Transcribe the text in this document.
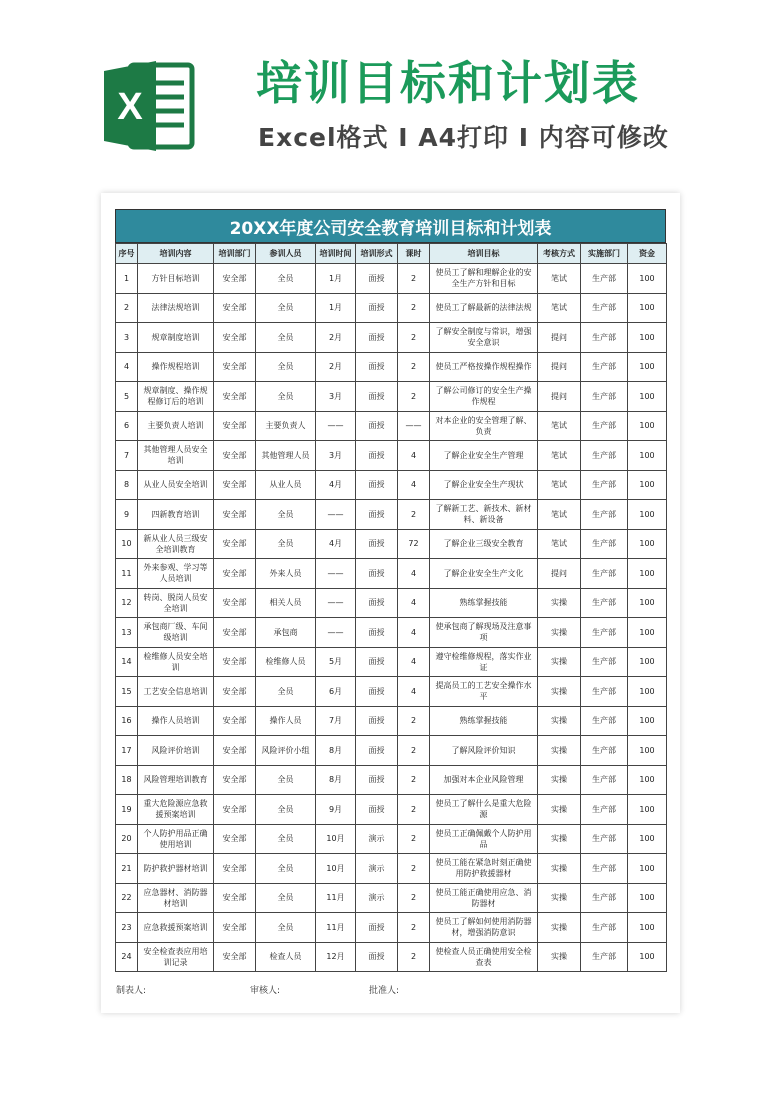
X 培训目标和计划表
Excel格式 I A4打印 I 内容可修改
20XX年度公司安全教育培训目标和计划表
序号	培训内容	培训部门	参训人员	培训时间	培训形式	课时	培训目标	考核方式	实施部门	资金
1	方针目标培训	安全部	全员	1月	面授	2	使员工了解和理解企业的安全生产方针和目标	笔试	生产部	100
2	法律法规培训	安全部	全员	1月	面授	2	使员工了解最新的法律法规	笔试	生产部	100
3	规章制度培训	安全部	全员	2月	面授	2	了解安全制度与常识，增强安全意识	提问	生产部	100
4	操作规程培训	安全部	全员	2月	面授	2	使员工严格按操作规程操作	提问	生产部	100
5	规章制度、操作规程修订后的培训	安全部	全员	3月	面授	2	了解公司修订的安全生产操作规程	提问	生产部	100
6	主要负责人培训	安全部	主要负责人	——	面授	——	对本企业的安全管理了解、负责	笔试	生产部	100
7	其他管理人员安全培训	安全部	其他管理人员	3月	面授	4	了解企业安全生产管理	笔试	生产部	100
8	从业人员安全培训	安全部	从业人员	4月	面授	4	了解企业安全生产现状	笔试	生产部	100
9	四新教育培训	安全部	全员	——	面授	2	了解新工艺、新技术、新材料、新设备	笔试	生产部	100
10	新从业人员三级安全培训教育	安全部	全员	4月	面授	72	了解企业三级安全教育	笔试	生产部	100
11	外来参观、学习等人员培训	安全部	外来人员	——	面授	4	了解企业安全生产文化	提问	生产部	100
12	转岗、脱岗人员安全培训	安全部	相关人员	——	面授	4	熟练掌握技能	实操	生产部	100
13	承包商厂级、车间级培训	安全部	承包商	——	面授	4	使承包商了解现场及注意事项	实操	生产部	100
14	检维修人员安全培训	安全部	检维修人员	5月	面授	4	遵守检维修规程，落实作业证	实操	生产部	100
15	工艺安全信息培训	安全部	全员	6月	面授	4	提高员工的工艺安全操作水平	实操	生产部	100
16	操作人员培训	安全部	操作人员	7月	面授	2	熟练掌握技能	实操	生产部	100
17	风险评价培训	安全部	风险评价小组	8月	面授	2	了解风险评价知识	实操	生产部	100
18	风险管理培训教育	安全部	全员	8月	面授	2	加强对本企业风险管理	实操	生产部	100
19	重大危险源应急救援预案培训	安全部	全员	9月	面授	2	使员工了解什么是重大危险源	实操	生产部	100
20	个人防护用品正确使用培训	安全部	全员	10月	演示	2	使员工正确佩戴个人防护用品	实操	生产部	100
21	防护救护器材培训	安全部	全员	10月	演示	2	使员工能在紧急时刻正确使用防护救援器材	实操	生产部	100
22	应急器材、消防器材培训	安全部	全员	11月	演示	2	使员工能正确使用应急、消防器材	实操	生产部	100
23	应急救援预案培训	安全部	全员	11月	面授	2	使员工了解如何使用消防器材，增强消防意识	实操	生产部	100
24	安全检查表应用培训记录	安全部	检查人员	12月	面授	2	使检查人员正确使用安全检查表	实操	生产部	100
制表人:	审核人:	批准人:
